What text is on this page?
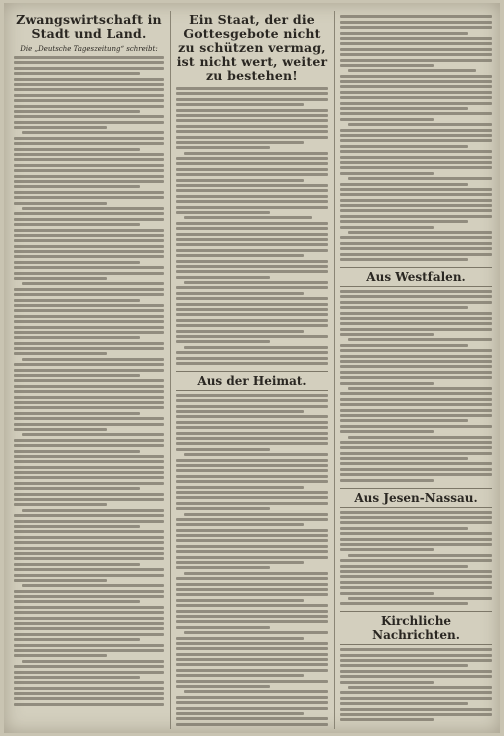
Zwangswirtschaft in Stadt und Land.
Die „Deutsche Tageszeitung“ schreibt:
Ein Staat, der die Gottesgebote nicht zu schützen vermag, ist nicht wert, weiter zu bestehen!
Aus der Heimat.
Aus Westfalen.
Aus Jesen-Nassau.
Kirchliche Nachrichten.
